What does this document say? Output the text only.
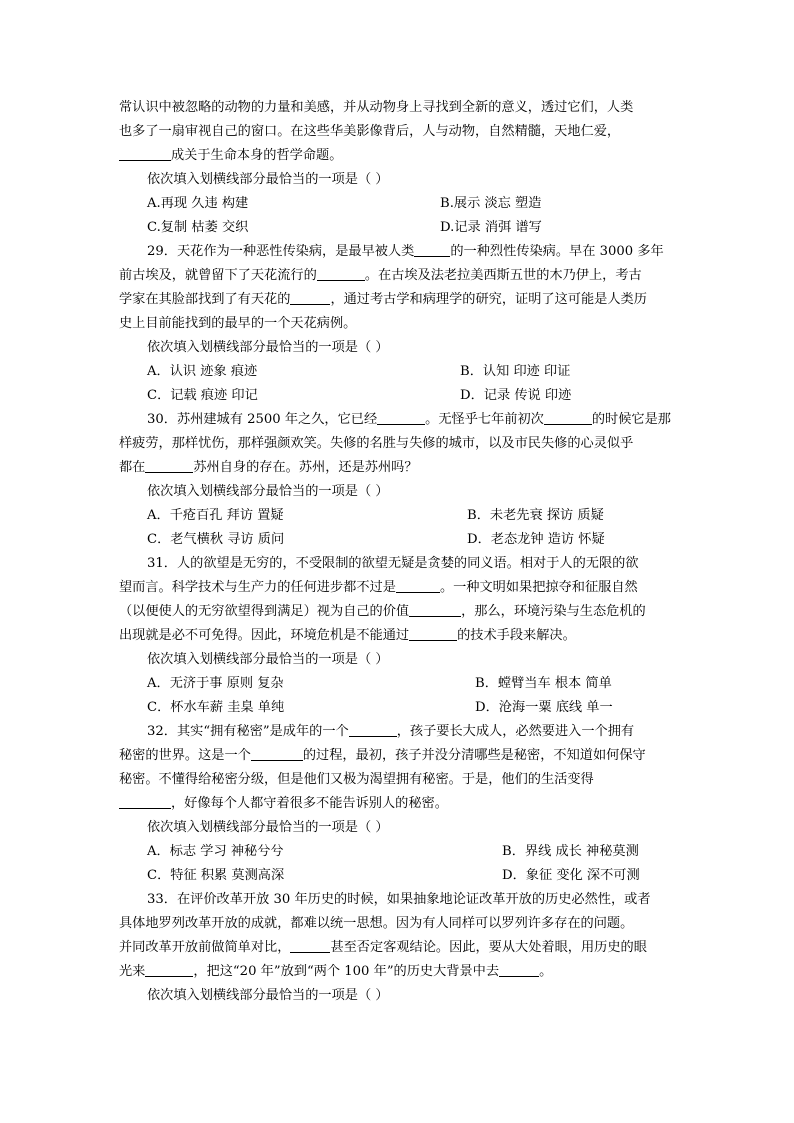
常认识中被忽略的动物的力量和美感，并从动物身上寻找到全新的意义，透过它们，人类
也多了一扇审视自己的窗口。在这些华美影像背后，人与动物，自然精髓，天地仁爱，
成关于生命本身的哲学命题。
依次填入划横线部分最恰当的一项是（ ）
A.再现 久违 构建	B.展示 淡忘 塑造
C.复制 枯萎 交织	D.记录 消弭 谱写
29．天花作为一种恶性传染病，是最早被人类	的一种烈性传染病。早在 3000 多年
前古埃及，就曾留下了天花流行的	。在古埃及法老拉美西斯五世的木乃伊上，考古
学家在其脸部找到了有天花的	，通过考古学和病理学的研究，证明了这可能是人类历
史上目前能找到的最早的一个天花病例。
依次填入划横线部分最恰当的一项是（ ）
A．认识 迹象 痕迹	B．认知 印迹 印证
C．记载 痕迹 印记	D．记录 传说 印迹
30．苏州建城有 2500 年之久，它已经	。无怪乎七年前初次	的时候它是那
样疲劳，那样忧伤，那样强颜欢笑。失修的名胜与失修的城市，以及市民失修的心灵似乎
都在	苏州自身的存在。苏州，还是苏州吗？
依次填入划横线部分最恰当的一项是（ ）
A．千疮百孔 拜访 置疑	B．未老先衰 探访 质疑
C．老气横秋 寻访 质问	D．老态龙钟 造访 怀疑
31．人的欲望是无穷的，不受限制的欲望无疑是贪婪的同义语。相对于人的无限的欲
望而言。科学技术与生产力的任何进步都不过是	。一种文明如果把掠夺和征服自然
（以便使人的无穷欲望得到满足）视为自己的价值	，那么，环境污染与生态危机的
出现就是必不可免得。因此，环境危机是不能通过	的技术手段来解决。
依次填入划横线部分最恰当的一项是（ ）
A．无济于事 原则 复杂	B．螳臂当车 根本 简单
C．杯水车薪 圭臬 单纯	D．沧海一粟 底线 单一
32．其实“拥有秘密”是成年的一个	，孩子要长大成人，必然要进入一个拥有
秘密的世界。这是一个	的过程，最初，孩子并没分清哪些是秘密，不知道如何保守
秘密。不懂得给秘密分级，但是他们又极为渴望拥有秘密。于是，他们的生活变得
，好像每个人都守着很多不能告诉别人的秘密。
依次填入划横线部分最恰当的一项是（ ）
A．标志 学习 神秘兮兮	B．界线 成长 神秘莫测
C．特征 积累 莫测高深	D．象征 变化 深不可测
33．在评价改革开放 30 年历史的时候，如果抽象地论证改革开放的历史必然性，或者
具体地罗列改革开放的成就，都难以统一思想。因为有人同样可以罗列许多存在的问题。
并同改革开放前做简单对比，	甚至否定客观结论。因此，要从大处着眼，用历史的眼
光来	，把这“20 年”放到“两个 100 年”的历史大背景中去	。
依次填入划横线部分最恰当的一项是（ ）
